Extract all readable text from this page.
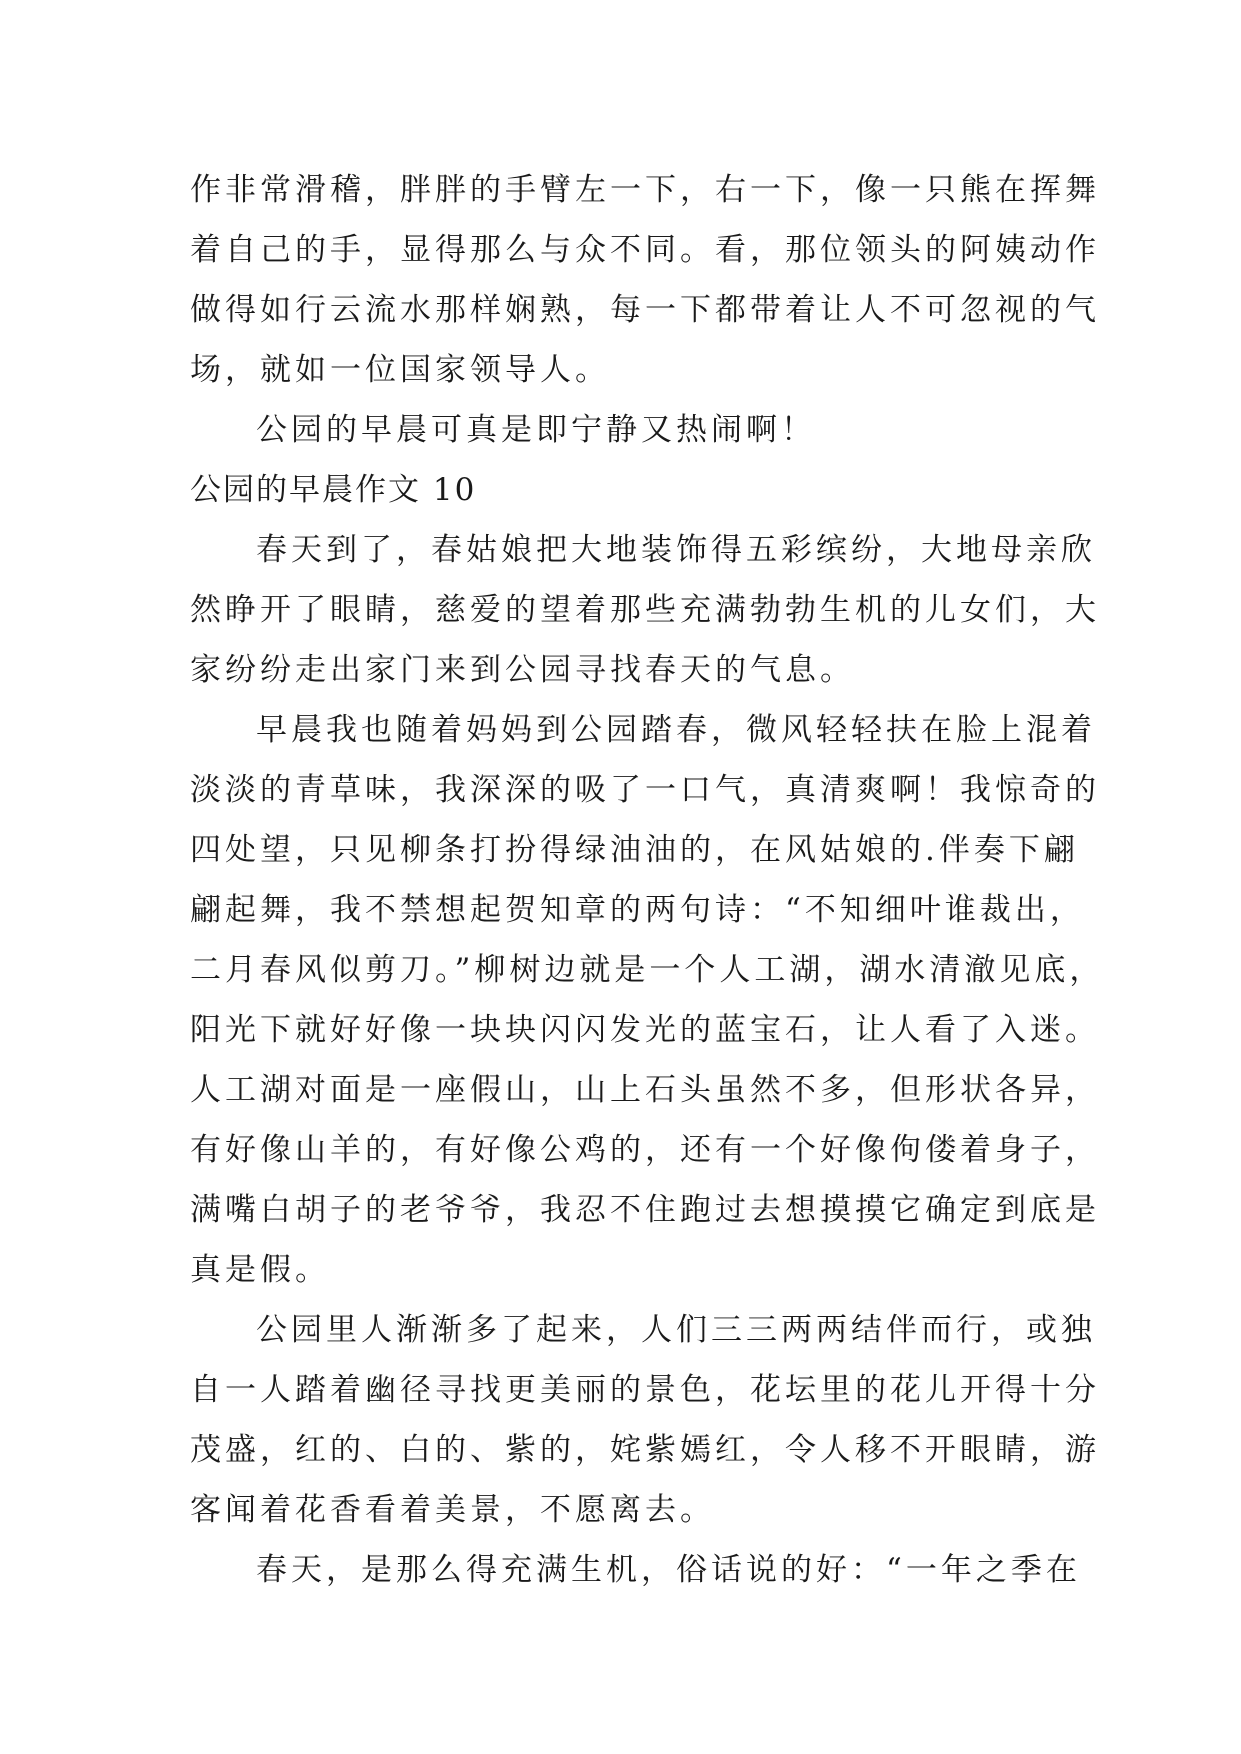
作非常滑稽，胖胖的手臂左一下，右一下，像一只熊在挥舞
着自己的手，显得那么与众不同。看，那位领头的阿姨动作
做得如行云流水那样娴熟，每一下都带着让人不可忽视的气
场，就如一位国家领导人。
公园的早晨可真是即宁静又热闹啊！
公园的早晨作文 10
春天到了，春姑娘把大地装饰得五彩缤纷，大地母亲欣
然睁开了眼睛，慈爱的望着那些充满勃勃生机的儿女们，大
家纷纷走出家门来到公园寻找春天的气息。
早晨我也随着妈妈到公园踏春，微风轻轻扶在脸上混着
淡淡的青草味，我深深的吸了一口气，真清爽啊！我惊奇的
四处望，只见柳条打扮得绿油油的，在风姑娘的.伴奏下翩
翩起舞，我不禁想起贺知章的两句诗：“不知细叶谁裁出，
二月春风似剪刀。”柳树边就是一个人工湖，湖水清澈见底，
阳光下就好好像一块块闪闪发光的蓝宝石，让人看了入迷。
人工湖对面是一座假山，山上石头虽然不多，但形状各异，
有好像山羊的，有好像公鸡的，还有一个好像佝偻着身子，
满嘴白胡子的老爷爷，我忍不住跑过去想摸摸它确定到底是
真是假。
公园里人渐渐多了起来，人们三三两两结伴而行，或独
自一人踏着幽径寻找更美丽的景色，花坛里的花儿开得十分
茂盛，红的、白的、紫的，姹紫嫣红，令人移不开眼睛，游
客闻着花香看着美景，不愿离去。
春天，是那么得充满生机，俗话说的好：“一年之季在
